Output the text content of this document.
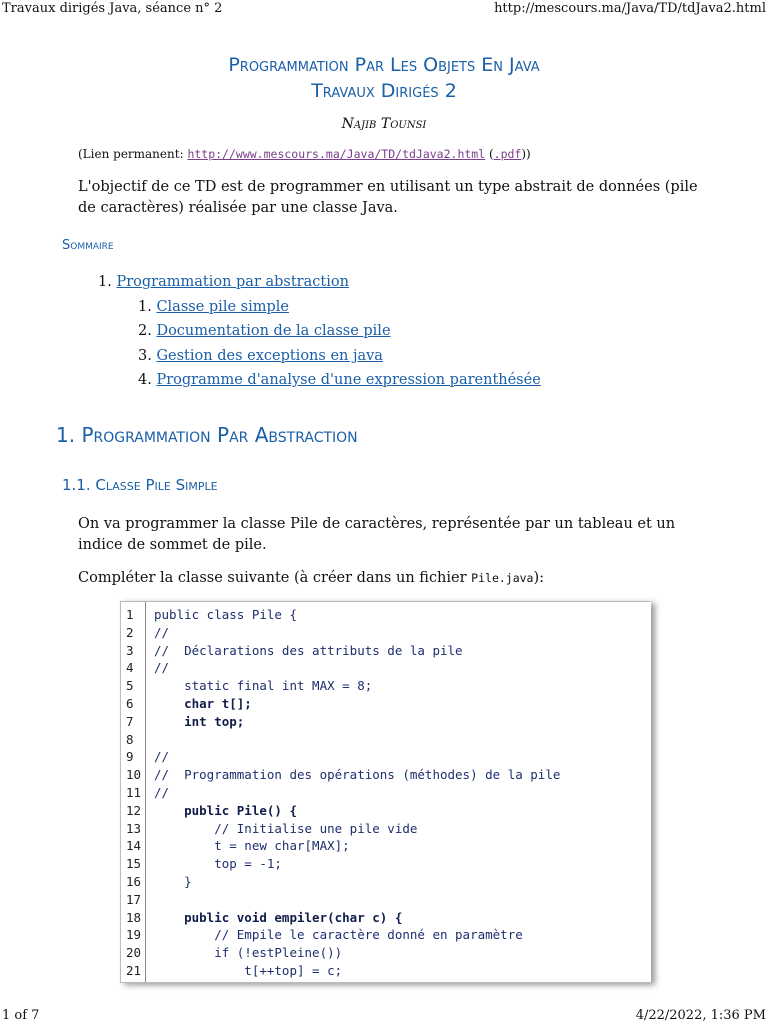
Travaux dirigés Java, séance n° 2	http://mescours.ma/Java/TD/tdJava2.html
Programmation Par Les Objets En Java
Travaux Dirigés 2
Najib Tounsi
(Lien permanent: http://www.mescours.ma/Java/TD/tdJava2.html (.pdf))
L'objectif de ce TD est de programmer en utilisant un type abstrait de données (pile de caractères) réalisée par une classe Java.
Sommaire
1. Programmation par abstraction
1. Classe pile simple
2. Documentation de la classe pile
3. Gestion des exceptions en java
4. Programme d'analyse d'une expression parenthésée
1. Programmation Par Abstraction
1.1. Classe Pile Simple
On va programmer la classe Pile de caractères, représentée par un tableau et un indice de sommet de pile.
Compléter la classe suivante (à créer dans un fichier Pile.java):
1	public class Pile {
2	//
3	//  Déclarations des attributs de la pile
4	//
5	static final int MAX = 8;
6	char t[];
7	int top;
8
9	//
10	//  Programmation des opérations (méthodes) de la pile
11	//
12	public Pile() {
13	// Initialise une pile vide
14	t = new char[MAX];
15	top = -1;
16	}
17
18	public void empiler(char c) {
19	// Empile le caractère donné en paramètre
20	if (!estPleine())
21	t[++top] = c;
1 of 7	4/22/2022, 1:36 PM
